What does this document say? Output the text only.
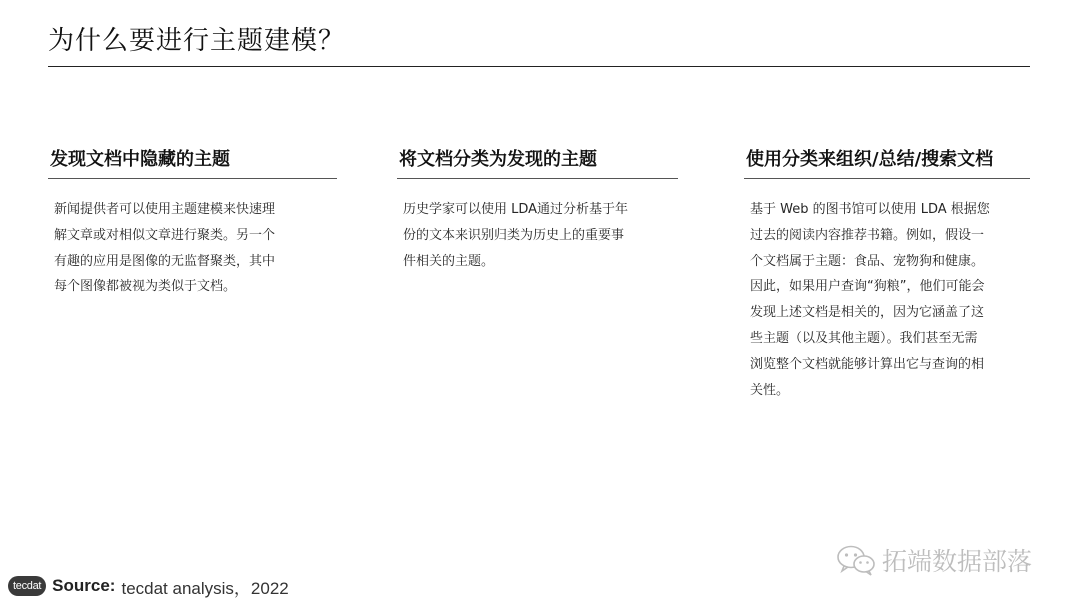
为什么要进行主题建模？
发现文档中隐藏的主题

新闻提供者可以使用主题建模来快速理解文章或对相似文章进行聚类。另一个有趣的应用是图像的无监督聚类，其中每个图像都被视为类似于文档。

将文档分类为发现的主题

历史学家可以使用 LDA通过分析基于年份的文本来识别归类为历史上的重要事件相关的主题。

使用分类来组织/总结/搜索文档

基于 Web 的图书馆可以使用 LDA 根据您过去的阅读内容推荐书籍。例如，假设一个文档属于主题：食品、宠物狗和健康。因此，如果用户查询“狗粮”，他们可能会发现上述文档是相关的，因为它涵盖了这些主题（以及其他主题）。我们甚至无需浏览整个文档就能够计算出它与查询的相关性。

tecdat Source: tecdat analysis，2022
拓端数据部落
